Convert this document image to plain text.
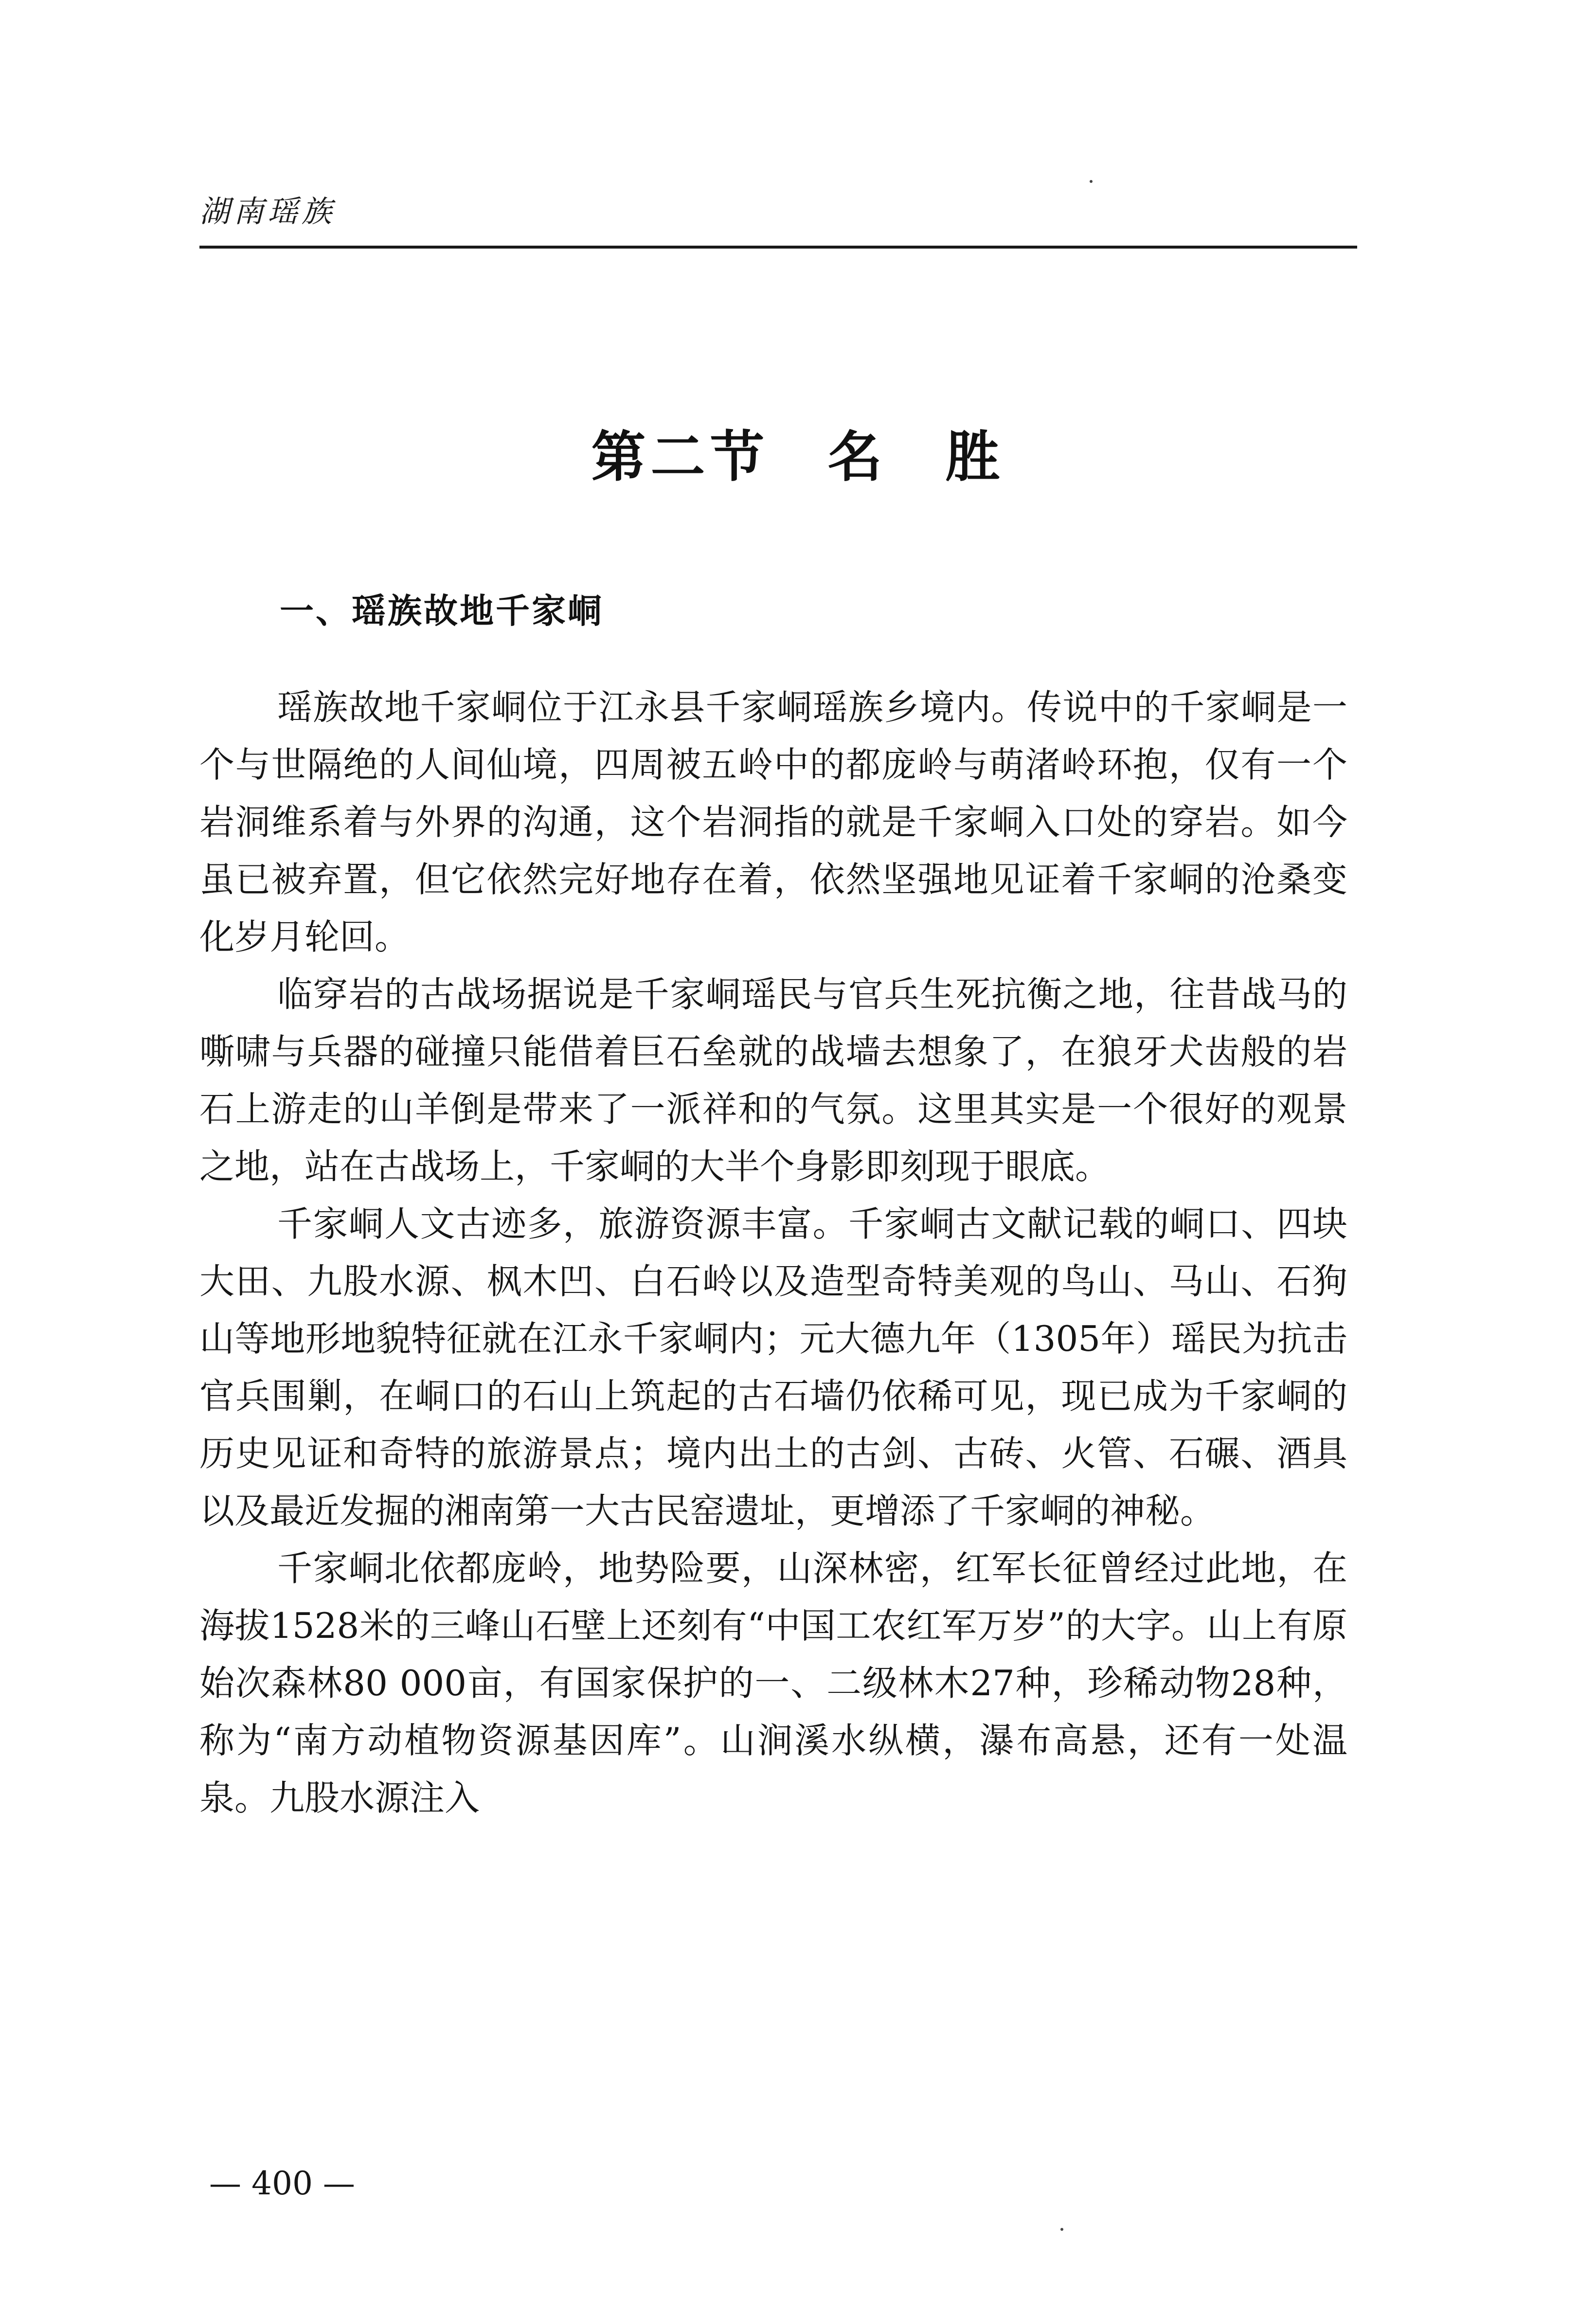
湖南瑶族
第二节 名 胜
一、瑶族故地千家峒

瑶族故地千家峒位于江永县千家峒瑶族乡境内。传说中的千家峒是一个与世隔绝的人间仙境，四周被五岭中的都庞岭与萌渚岭环抱，仅有一个岩洞维系着与外界的沟通，这个岩洞指的就是千家峒入口处的穿岩。如今虽已被弃置，但它依然完好地存在着，依然坚强地见证着千家峒的沧桑变化岁月轮回。

临穿岩的古战场据说是千家峒瑶民与官兵生死抗衡之地，往昔战马的嘶啸与兵器的碰撞只能借着巨石垒就的战墙去想象了，在狼牙犬齿般的岩石上游走的山羊倒是带来了一派祥和的气氛。这里其实是一个很好的观景之地，站在古战场上，千家峒的大半个身影即刻现于眼底。

千家峒人文古迹多，旅游资源丰富。千家峒古文献记载的峒口、四块大田、九股水源、枫木凹、白石岭以及造型奇特美观的鸟山、马山、石狗山等地形地貌特征就在江永千家峒内；元大德九年（1305年）瑶民为抗击官兵围剿，在峒口的石山上筑起的古石墙仍依稀可见，现已成为千家峒的历史见证和奇特的旅游景点；境内出土的古剑、古砖、火管、石碾、酒具以及最近发掘的湘南第一大古民窑遗址，更增添了千家峒的神秘。

千家峒北依都庞岭，地势险要，山深林密，红军长征曾经过此地，在海拔1528米的三峰山石壁上还刻有“中国工农红军万岁”的大字。山上有原始次森林80 000亩，有国家保护的一、二级林木27种，珍稀动物28种，称为“南方动植物资源基因库”。山涧溪水纵横，瀑布高悬，还有一处温泉。九股水源注入

— 400 —
